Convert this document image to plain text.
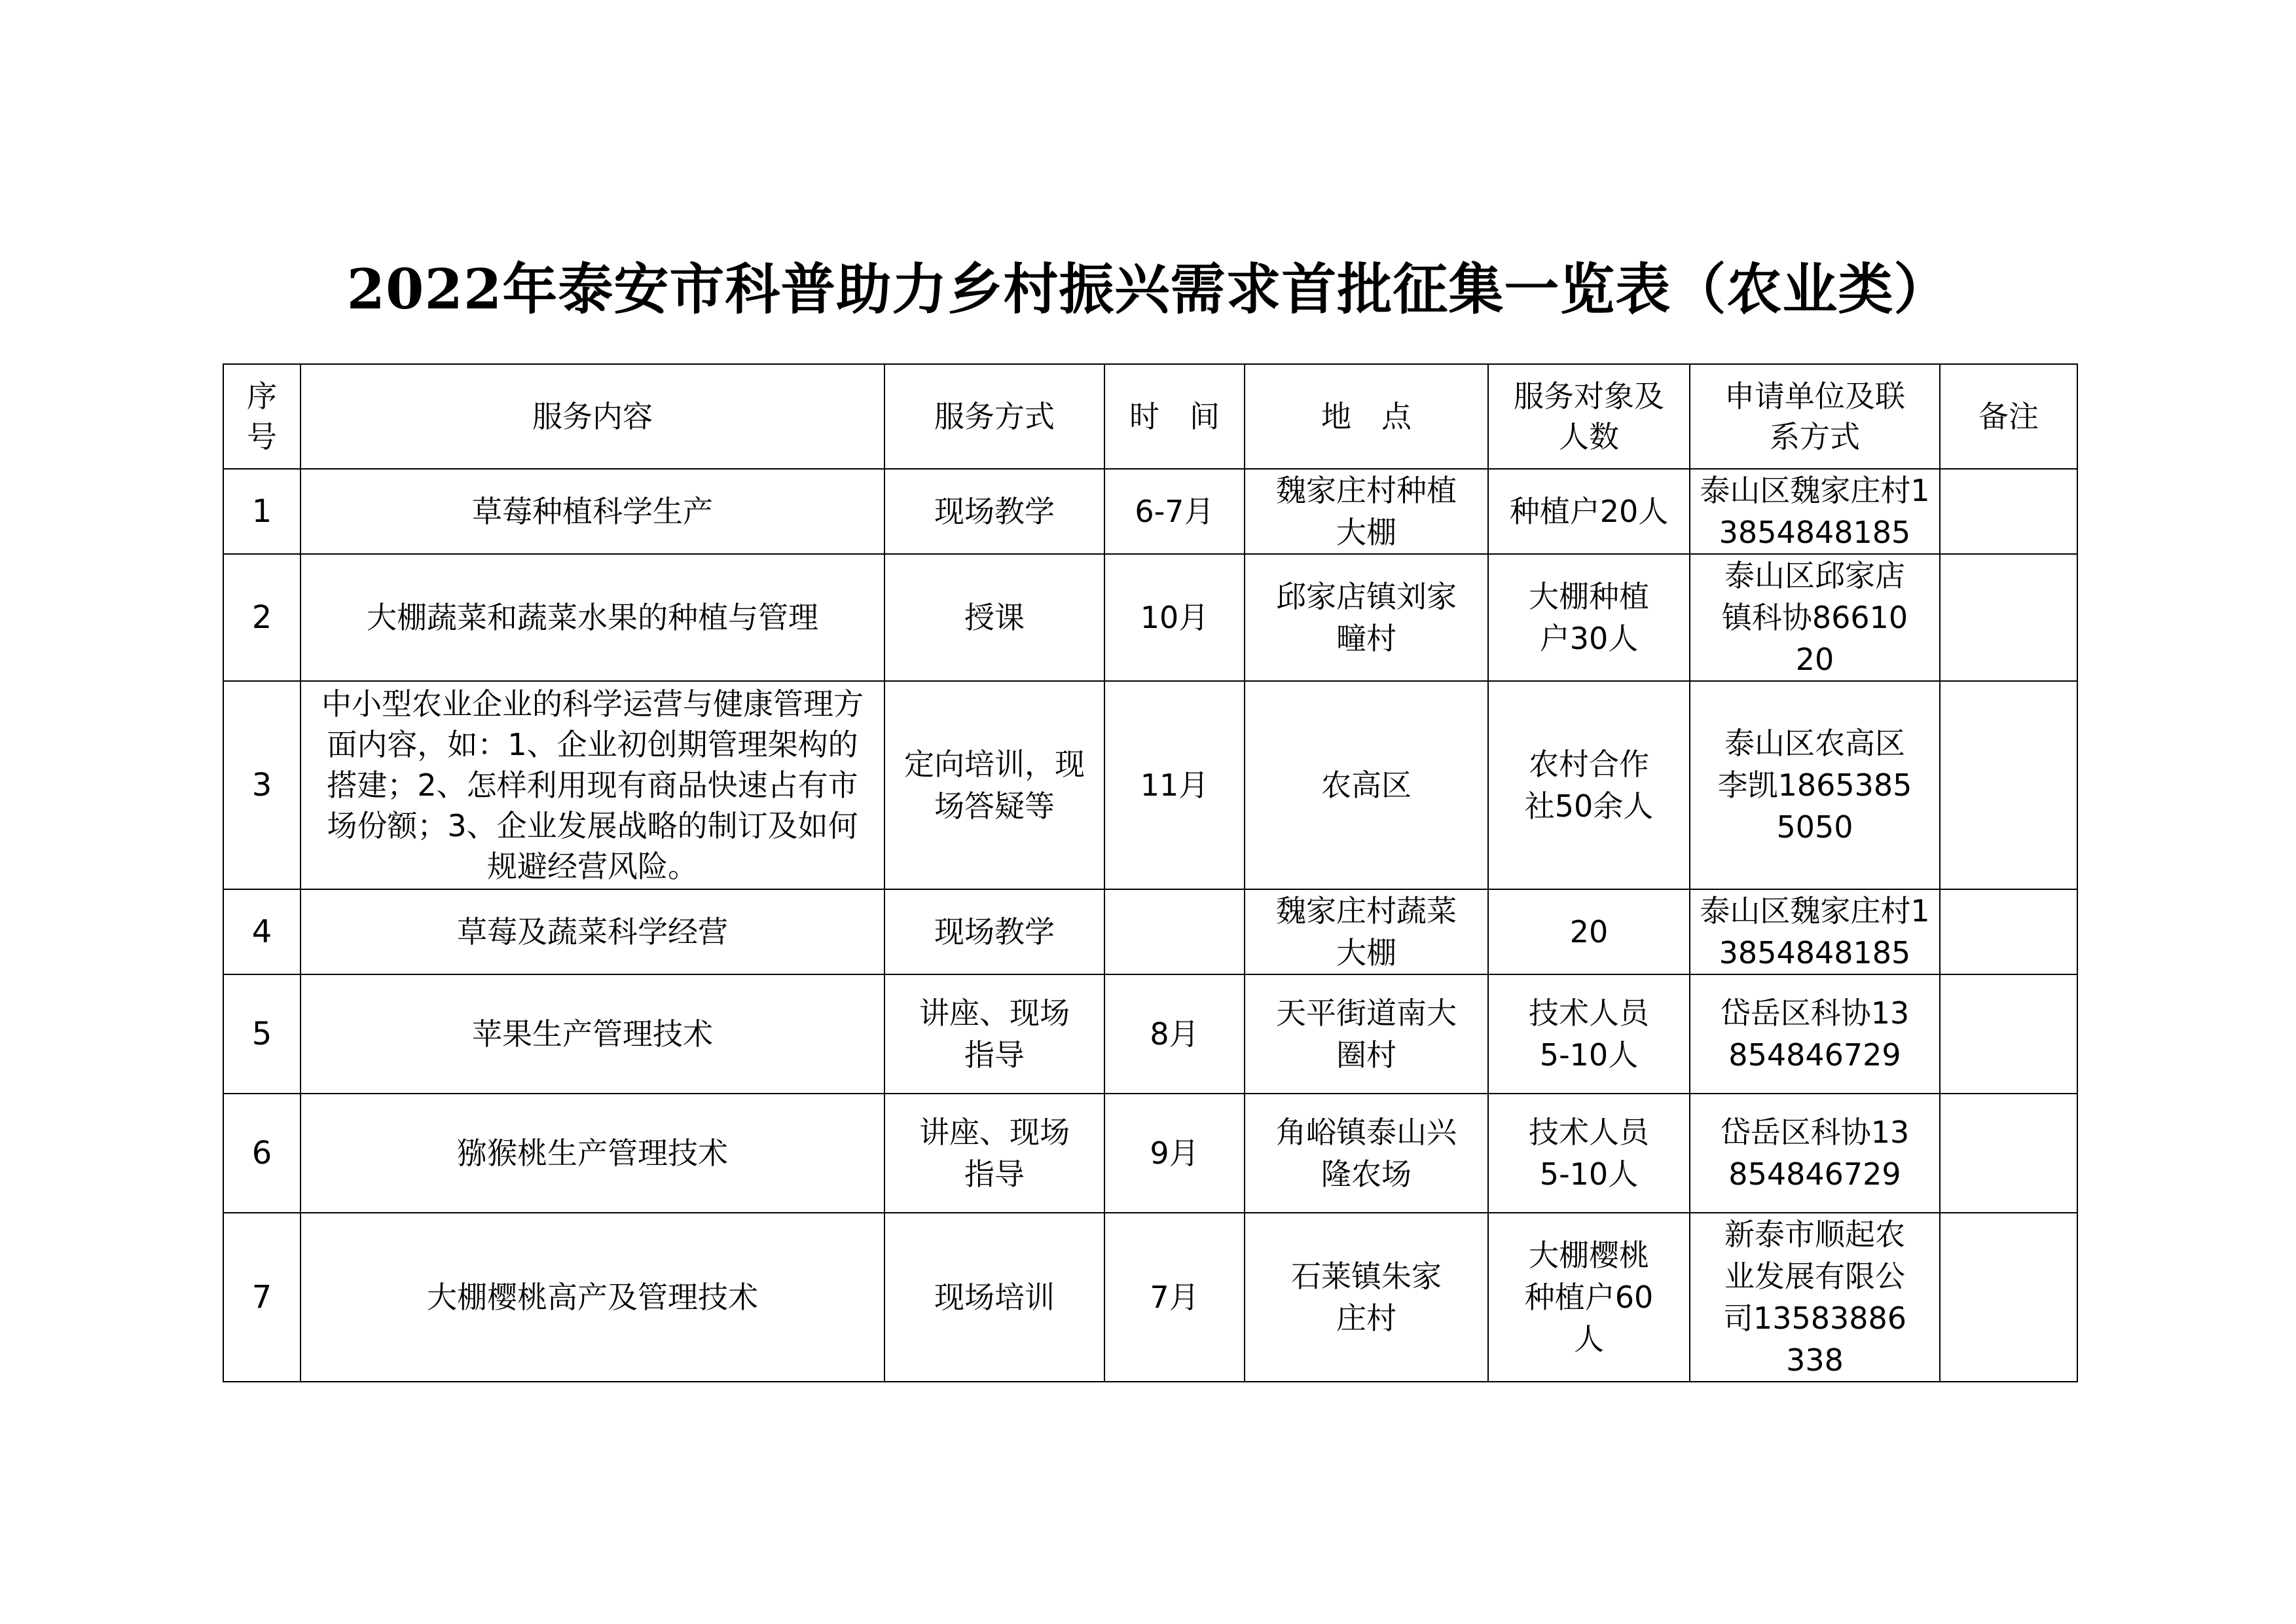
2022年泰安市科普助力乡村振兴需求首批征集一览表（农业类）
序号	服务内容	服务方式	时　间	地　点	服务对象及人数	申请单位及联系方式	备注
1	草莓种植科学生产	现场教学	6-7月	魏家庄村种植大棚	种植户20人	泰山区魏家庄村13854848185	
2	大棚蔬菜和蔬菜水果的种植与管理	授课	10月	邱家店镇刘家疃村	大棚种植户30人	泰山区邱家店镇科协8661020	
3	中小型农业企业的科学运营与健康管理方面内容，如：1、企业初创期管理架构的搭建；2、怎样利用现有商品快速占有市场份额；3、企业发展战略的制订及如何规避经营风险。	定向培训，现场答疑等	11月	农高区	农村合作社50余人	泰山区农高区李凯18653855050	
4	草莓及蔬菜科学经营	现场教学		魏家庄村蔬菜大棚	20	泰山区魏家庄村13854848185	
5	苹果生产管理技术	讲座、现场指导	8月	天平街道南大圈村	技术人员5-10人	岱岳区科协13854846729	
6	猕猴桃生产管理技术	讲座、现场指导	9月	角峪镇泰山兴隆农场	技术人员5-10人	岱岳区科协13854846729	
7	大棚樱桃高产及管理技术	现场培训	7月	石莱镇朱家庄村	大棚樱桃种植户60人	新泰市顺起农业发展有限公司13583886338	
